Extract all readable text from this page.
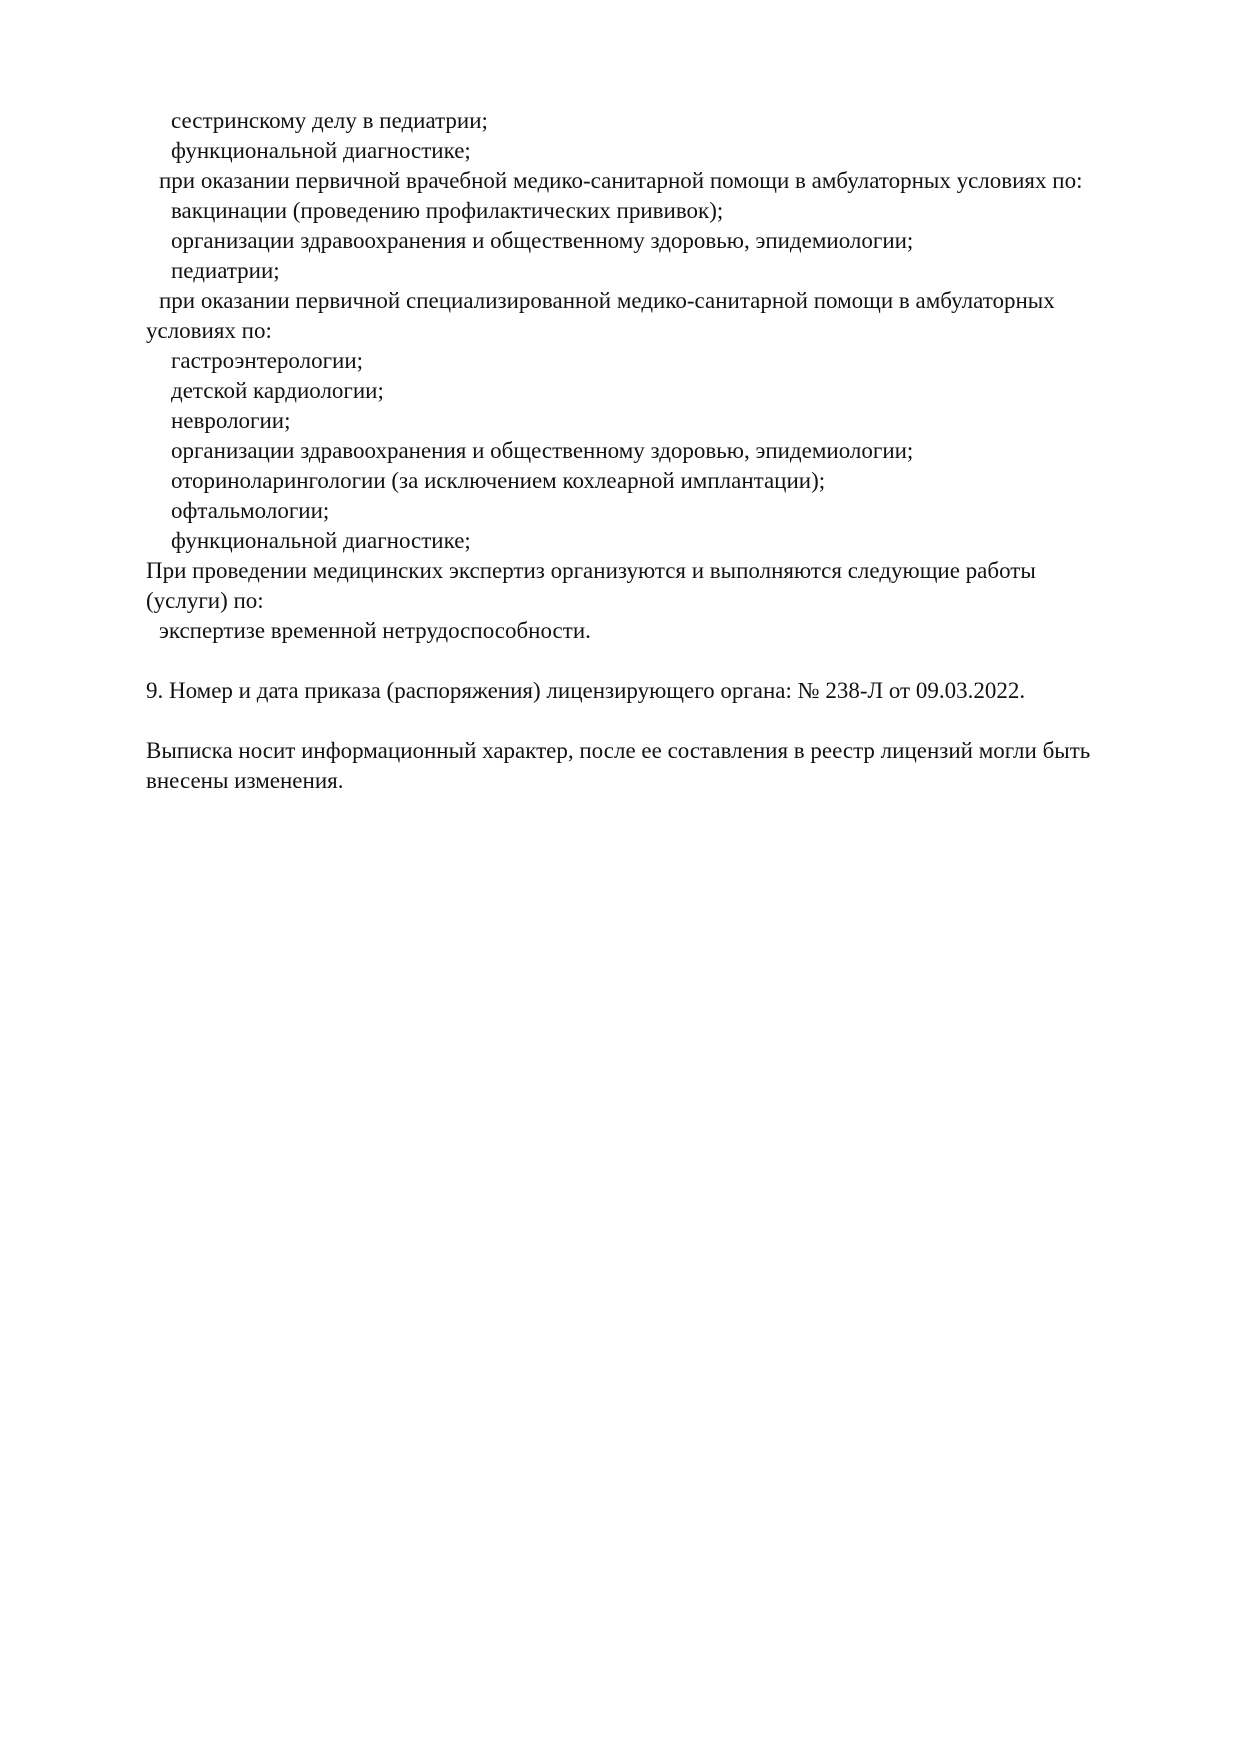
сестринскому делу в педиатрии;
функциональной диагностике;
при оказании первичной врачебной медико-санитарной помощи в амбулаторных условиях по:
вакцинации (проведению профилактических прививок);
организации здравоохранения и общественному здоровью, эпидемиологии;
педиатрии;
при оказании первичной специализированной медико-санитарной помощи в амбулаторных
условиях по:
гастроэнтерологии;
детской кардиологии;
неврологии;
организации здравоохранения и общественному здоровью, эпидемиологии;
оториноларингологии (за исключением кохлеарной имплантации);
офтальмологии;
функциональной диагностике;
При проведении медицинских экспертиз организуются и выполняются следующие работы
(услуги) по:
экспертизе временной нетрудоспособности.
9. Номер и дата приказа (распоряжения) лицензирующего органа: № 238-Л от 09.03.2022.
Выписка носит информационный характер, после ее составления в реестр лицензий могли быть
внесены изменения.
